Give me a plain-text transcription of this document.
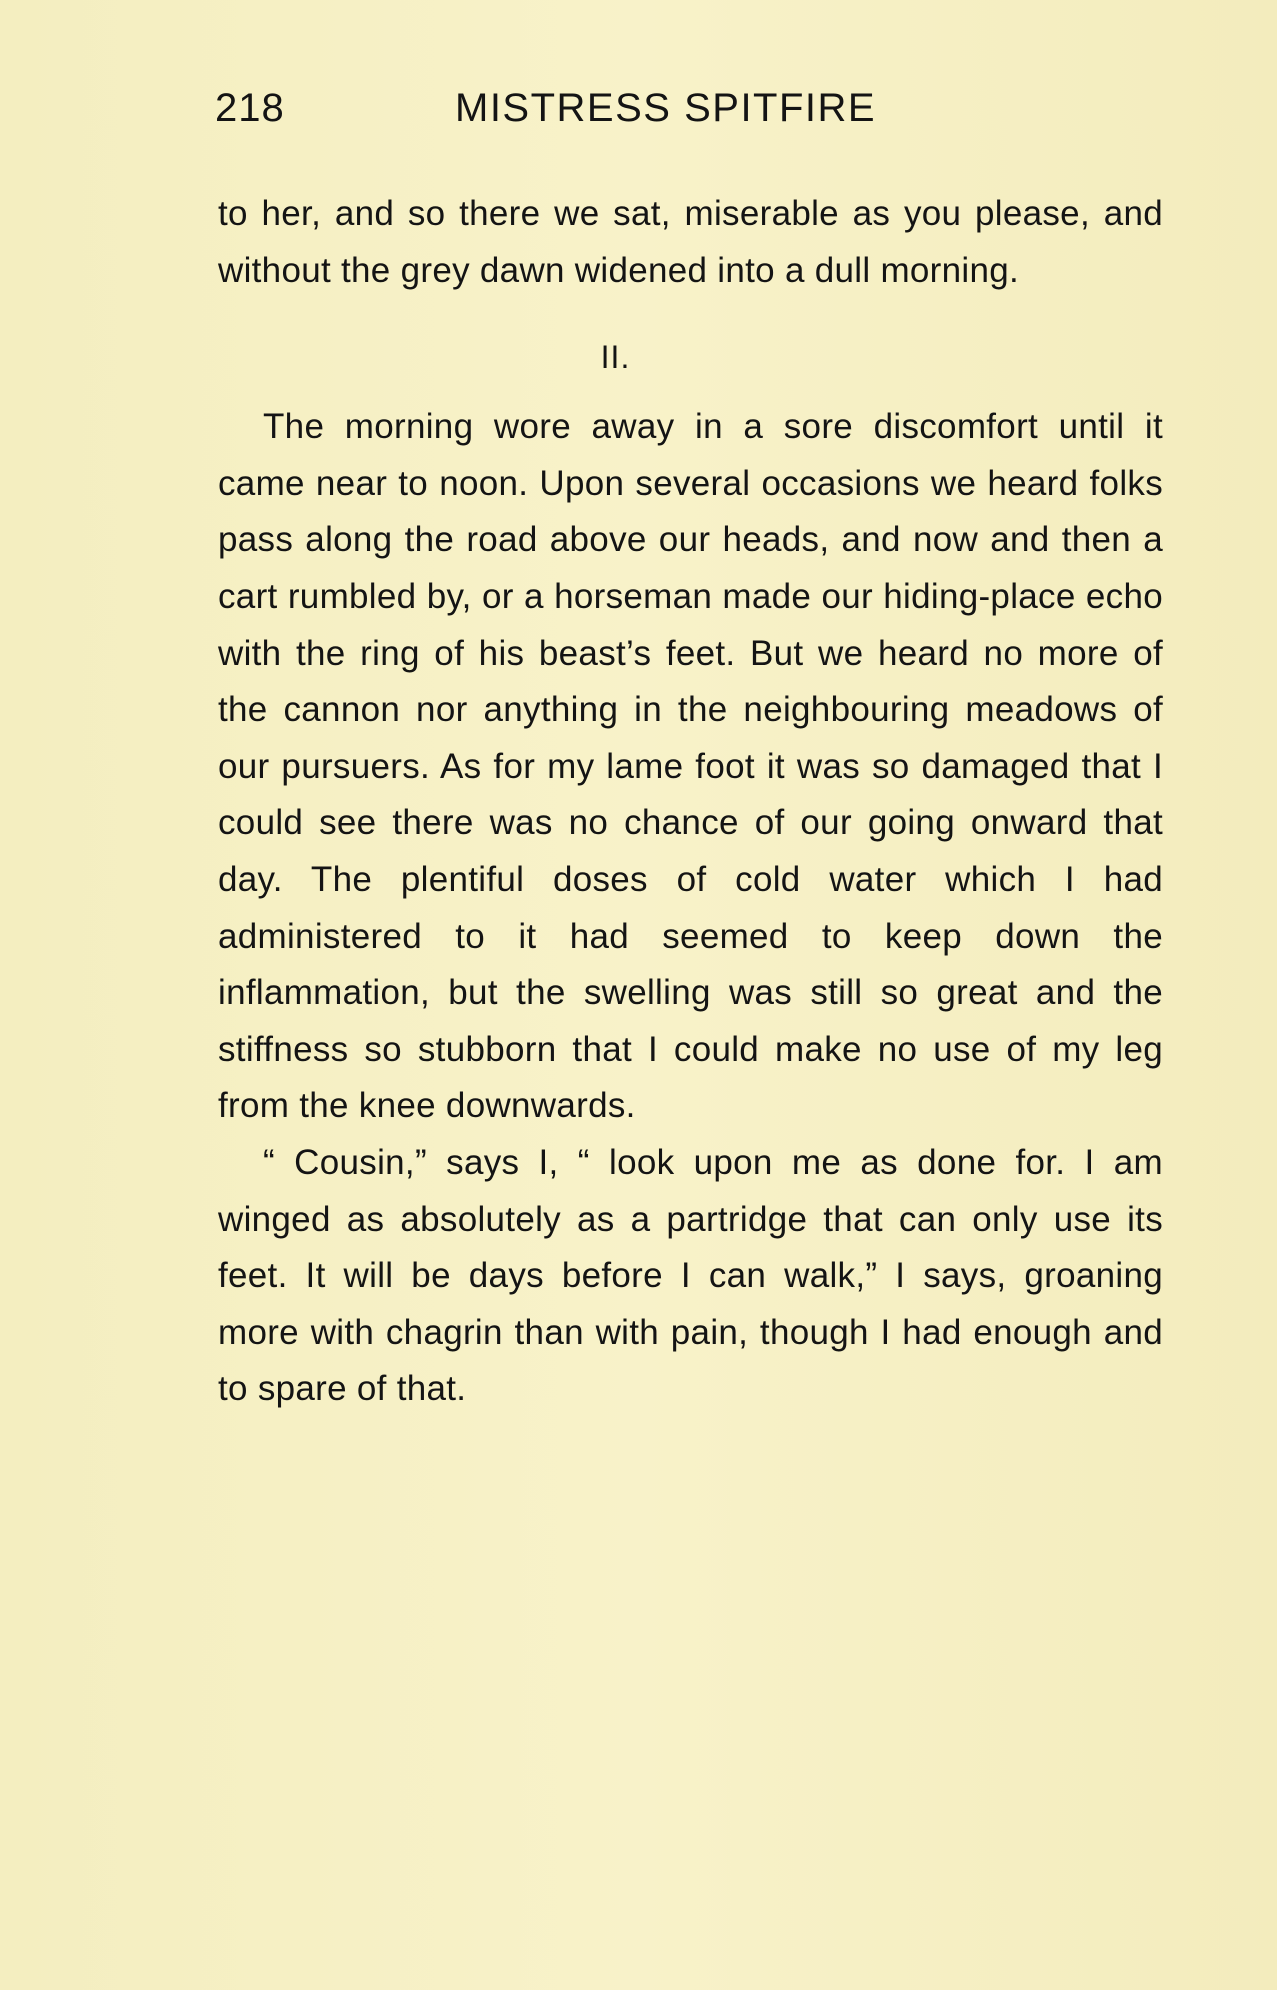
218	MISTRESS SPITFIRE

to her, and so there we sat, miserable as you please, and without the grey dawn widened into a dull morning.

II.

The morning wore away in a sore discomfort until it came near to noon. Upon several occasions we heard folks pass along the road above our heads, and now and then a cart rumbled by, or a horseman made our hiding-place echo with the ring of his beast’s feet. But we heard no more of the cannon nor anything in the neighbouring meadows of our pursuers. As for my lame foot it was so damaged that I could see there was no chance of our going onward that day. The plentiful doses of cold water which I had administered to it had seemed to keep down the inflammation, but the swelling was still so great and the stiffness so stubborn that I could make no use of my leg from the knee downwards.

“ Cousin,” says I, “ look upon me as done for. I am winged as absolutely as a partridge that can only use its feet. It will be days before I can walk,” I says, groaning more with chagrin than with pain, though I had enough and to spare of that.
